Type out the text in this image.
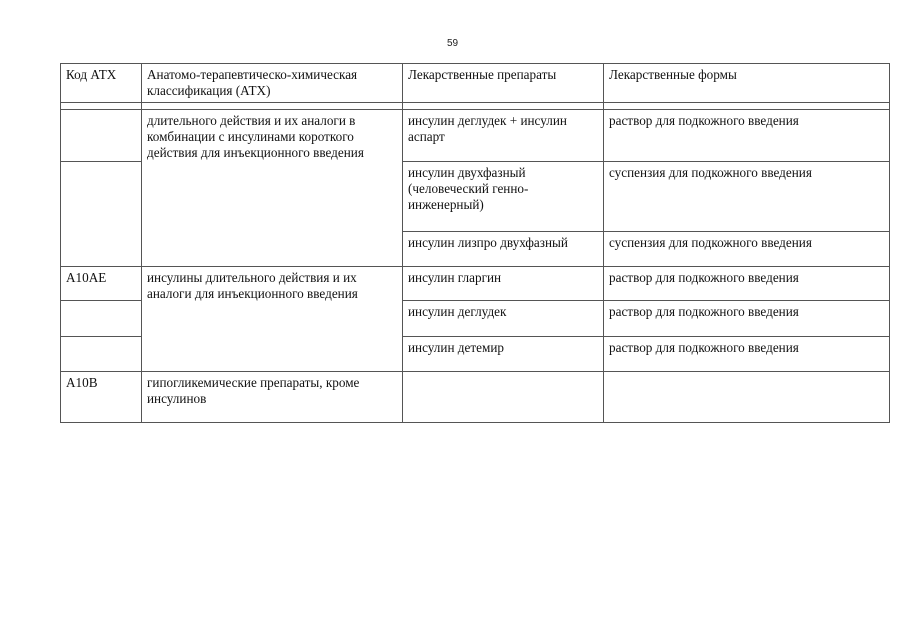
59
Код АТХ	Анатомо-терапевтическо-химическая классификация (АТХ)	Лекарственные препараты	Лекарственные формы

	длительного действия и их аналоги в комбинации с инсулинами короткого действия для инъекционного введения	инсулин деглудек + инсулин аспарт	раствор для подкожного введения
		инсулин двухфазный (человеческий генно-инженерный)	суспензия для подкожного введения
		инсулин лизпро двухфазный	суспензия для подкожного введения
A10AE	инсулины длительного действия и их аналоги для инъекционного введения	инсулин гларгин	раствор для подкожного введения
		инсулин деглудек	раствор для подкожного введения
		инсулин детемир	раствор для подкожного введения
A10B	гипогликемические препараты, кроме инсулинов		
